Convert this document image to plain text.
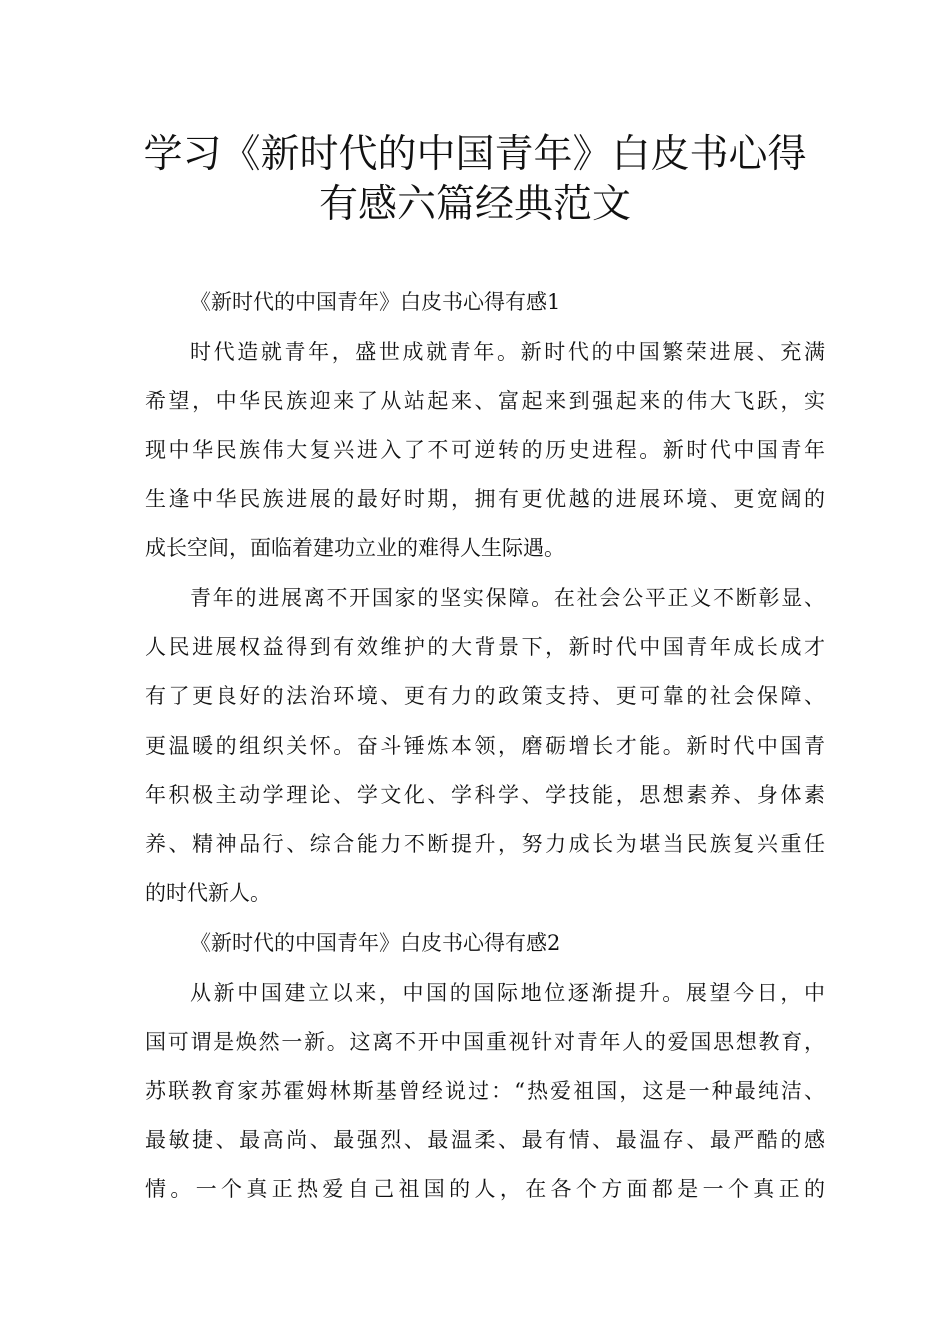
学习《新时代的中国青年》白皮书心得
有感六篇经典范文
《新时代的中国青年》白皮书心得有感1
时代造就青年，盛世成就青年。新时代的中国繁荣进展、充满
希望，中华民族迎来了从站起来、富起来到强起来的伟大飞跃，实
现中华民族伟大复兴进入了不可逆转的历史进程。新时代中国青年
生逢中华民族进展的最好时期，拥有更优越的进展环境、更宽阔的
成长空间，面临着建功立业的难得人生际遇。
青年的进展离不开国家的坚实保障。在社会公平正义不断彰显、
人民进展权益得到有效维护的大背景下，新时代中国青年成长成才
有了更良好的法治环境、更有力的政策支持、更可靠的社会保障、
更温暖的组织关怀。奋斗锤炼本领，磨砺增长才能。新时代中国青
年积极主动学理论、学文化、学科学、学技能，思想素养、身体素
养、精神品行、综合能力不断提升，努力成长为堪当民族复兴重任
的时代新人。
《新时代的中国青年》白皮书心得有感2
从新中国建立以来，中国的国际地位逐渐提升。展望今日，中
国可谓是焕然一新。这离不开中国重视针对青年人的爱国思想教育，
苏联教育家苏霍姆林斯基曾经说过：“热爱祖国，这是一种最纯洁、
最敏捷、最高尚、最强烈、最温柔、最有情、最温存、最严酷的感
情。一个真正热爱自己祖国的人，在各个方面都是一个真正的
